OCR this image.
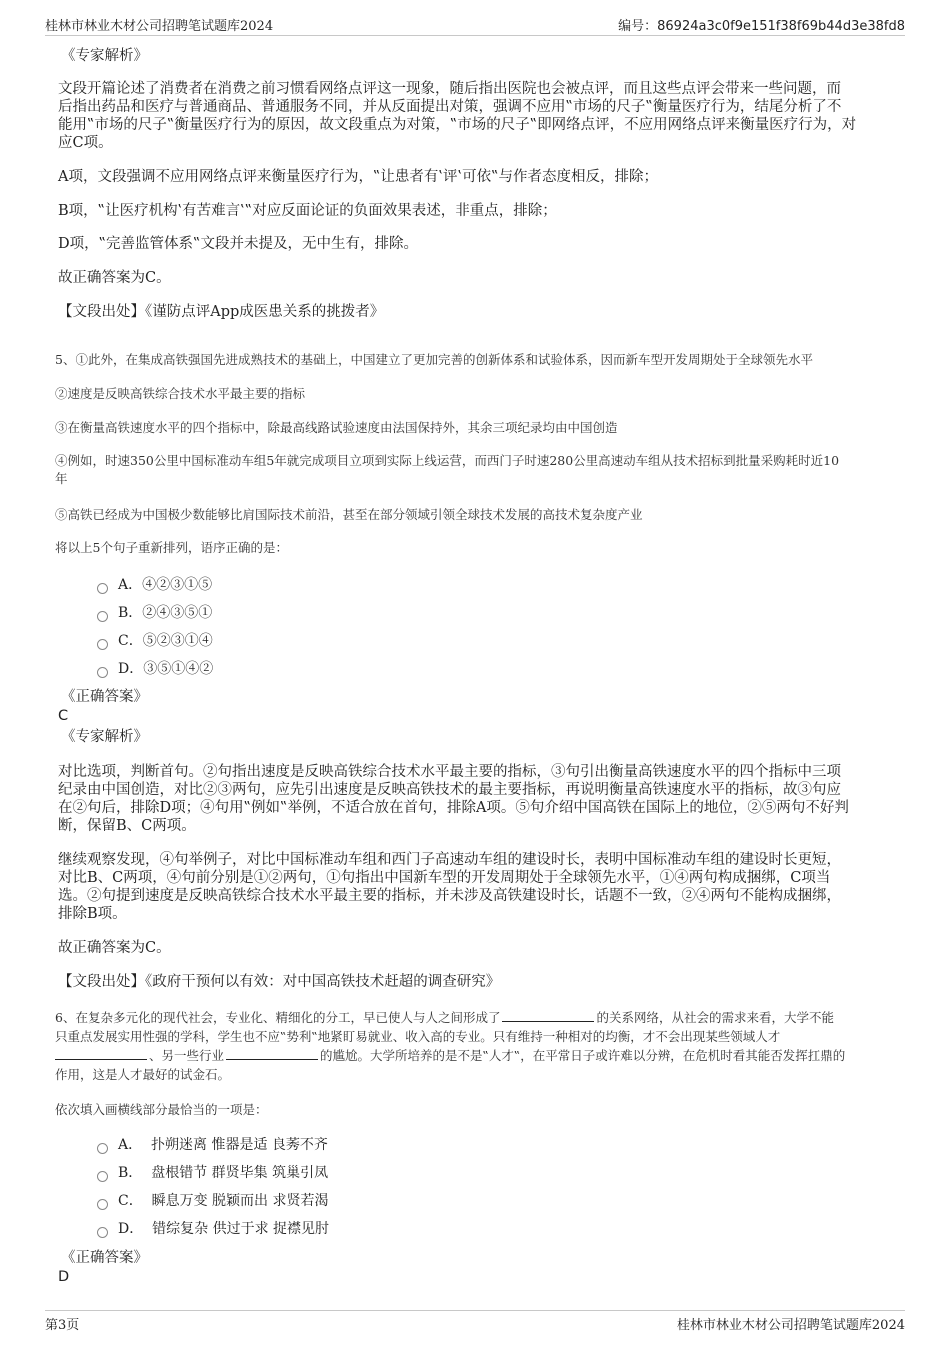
桂林市林业木材公司招聘笔试题库2024	编号：86924a3c0f9e151f38f69b44d3e38fd8
《专家解析》
文段开篇论述了消费者在消费之前习惯看网络点评这一现象，随后指出医院也会被点评，而且这些点评会带来一些问题，而
后指出药品和医疗与普通商品、普通服务不同，并从反面提出对策，强调不应用‟市场的尺子‟衡量医疗行为，结尾分析了不
能用‟市场的尺子‟衡量医疗行为的原因，故文段重点为对策，‟市场的尺子‟即网络点评，不应用网络点评来衡量医疗行为，对
应C项。
A项，文段强调不应用网络点评来衡量医疗行为，‟让患者有‛评‛可依‟与作者态度相反，排除；
B项，‟让医疗机构‛有苦难言‛‟对应反面论证的负面效果表述，非重点，排除；
D项，‟完善监管体系‟文段并未提及，无中生有，排除。
故正确答案为C。
【文段出处】《谨防点评App成医患关系的挑拨者》
5、①此外，在集成高铁强国先进成熟技术的基础上，中国建立了更加完善的创新体系和试验体系，因而新车型开发周期处于全球领先水平
②速度是反映高铁综合技术水平最主要的指标
③在衡量高铁速度水平的四个指标中，除最高线路试验速度由法国保持外，其余三项纪录均由中国创造
④例如，时速350公里中国标准动车组5年就完成项目立项到实际上线运营，而西门子时速280公里高速动车组从技术招标到批量采购耗时近10
年
⑤高铁已经成为中国极少数能够比肩国际技术前沿，甚至在部分领域引领全球技术发展的高技术复杂度产业
将以上5个句子重新排列，语序正确的是：
A．④②③①⑤
B．②④③⑤①
C．⑤②③①④
D．③⑤①④②
《正确答案》
C
《专家解析》
对比选项，判断首句。②句指出速度是反映高铁综合技术水平最主要的指标，③句引出衡量高铁速度水平的四个指标中三项
纪录由中国创造，对比②③两句，应先引出速度是反映高铁技术的最主要指标，再说明衡量高铁速度水平的指标，故③句应
在②句后，排除D项；④句用‟例如‟举例，不适合放在首句，排除A项。⑤句介绍中国高铁在国际上的地位，②⑤两句不好判
断，保留B、C两项。
继续观察发现，④句举例子，对比中国标准动车组和西门子高速动车组的建设时长，表明中国标准动车组的建设时长更短，
对比B、C两项，④句前分别是①②两句，①句指出中国新车型的开发周期处于全球领先水平，①④两句构成捆绑，C项当
选。②句提到速度是反映高铁综合技术水平最主要的指标，并未涉及高铁建设时长，话题不一致，②④两句不能构成捆绑，
排除B项。
故正确答案为C。
【文段出处】《政府干预何以有效：对中国高铁技术赶超的调查研究》
6、在复杂多元化的现代社会，专业化、精细化的分工，早已使人与人之间形成了	的关系网络，从社会的需求来看，大学不能
只重点发展实用性强的学科，学生也不应‟势利‟地紧盯易就业、收入高的专业。只有维持一种相对的均衡，才不会出现某些领域人才
、另一些行业	的尴尬。大学所培养的是不是‟人才‟，在平常日子或许难以分辨，在危机时看其能否发挥扛鼎的
作用，这是人才最好的试金石。
依次填入画横线部分最恰当的一项是：
A．  扑朔迷离 惟器是适 良莠不齐
B．  盘根错节 群贤毕集 筑巢引凤
C．  瞬息万变 脱颖而出 求贤若渴
D．  错综复杂 供过于求 捉襟见肘
《正确答案》
D
第3页	桂林市林业木材公司招聘笔试题库2024
